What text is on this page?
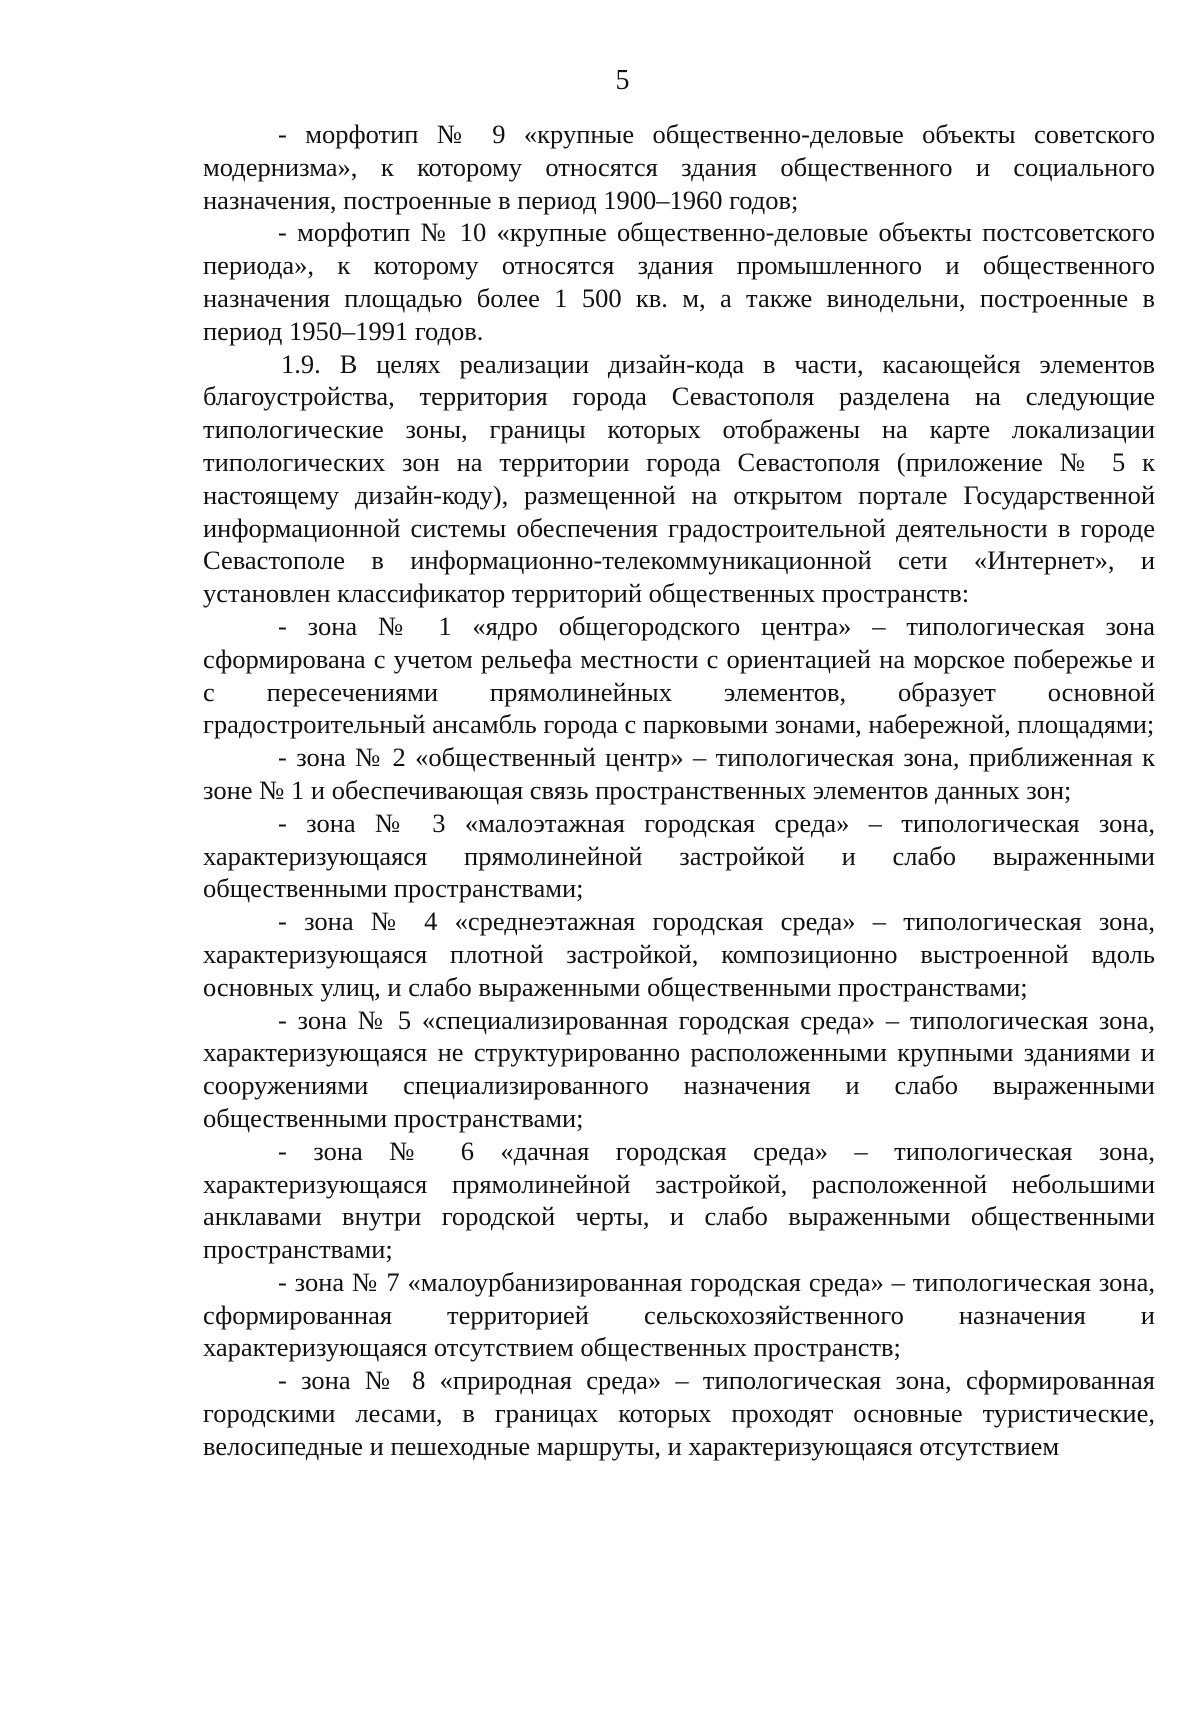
5

- морфотип № 9 «крупные общественно-деловые объекты советского модернизма», к которому относятся здания общественного и социального назначения, построенные в период 1900–1960 годов;

- морфотип № 10 «крупные общественно-деловые объекты постсоветского периода», к которому относятся здания промышленного и общественного назначения площадью более 1 500 кв. м, а также винодельни, построенные в период 1950–1991 годов.

1.9. В целях реализации дизайн-кода в части, касающейся элементов благоустройства, территория города Севастополя разделена на следующие типологические зоны, границы которых отображены на карте локализации типологических зон на территории города Севастополя (приложение № 5 к настоящему дизайн-коду), размещенной на открытом портале Государственной информационной системы обеспечения градостроительной деятельности в городе Севастополе в информационно-телекоммуникационной сети «Интернет», и установлен классификатор территорий общественных пространств:

- зона № 1 «ядро общегородского центра» – типологическая зона сформирована с учетом рельефа местности с ориентацией на морское побережье и с пересечениями прямолинейных элементов, образует основной градостроительный ансамбль города с парковыми зонами, набережной, площадями;

- зона № 2 «общественный центр» – типологическая зона, приближенная к зоне № 1 и обеспечивающая связь пространственных элементов данных зон;

- зона № 3 «малоэтажная городская среда» – типологическая зона, характеризующаяся прямолинейной застройкой и слабо выраженными общественными пространствами;

- зона № 4 «среднеэтажная городская среда» – типологическая зона, характеризующаяся плотной застройкой, композиционно выстроенной вдоль основных улиц, и слабо выраженными общественными пространствами;

- зона № 5 «специализированная городская среда» – типологическая зона, характеризующаяся не структурированно расположенными крупными зданиями и сооружениями специализированного назначения и слабо выраженными общественными пространствами;

- зона № 6 «дачная городская среда» – типологическая зона, характеризующаяся прямолинейной застройкой, расположенной небольшими анклавами внутри городской черты, и слабо выраженными общественными пространствами;

- зона № 7 «малоурбанизированная городская среда» – типологическая зона, сформированная территорией сельскохозяйственного назначения и характеризующаяся отсутствием общественных пространств;

- зона № 8 «природная среда» – типологическая зона, сформированная городскими лесами, в границах которых проходят основные туристические, велосипедные и пешеходные маршруты, и характеризующаяся отсутствием
